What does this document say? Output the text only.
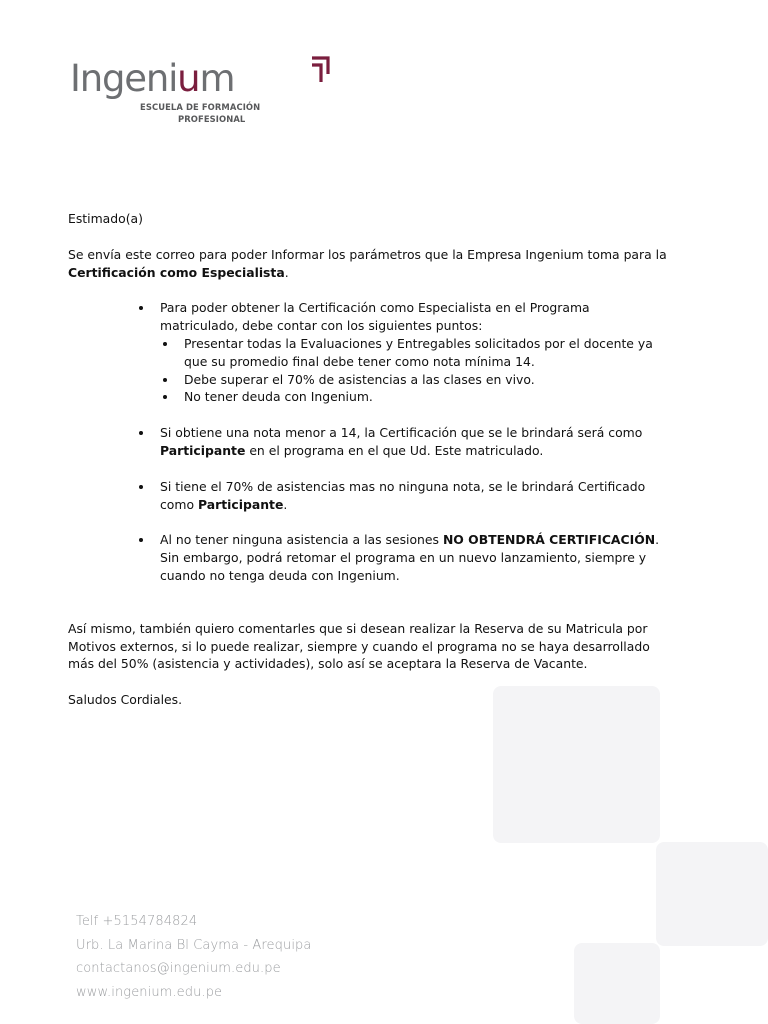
Ingenium
ESCUELA DE FORMACIÓN
PROFESIONAL

Estimado(a)

Se envía este correo para poder Informar los parámetros que la Empresa Ingenium toma para la Certificación como Especialista.

Para poder obtener la Certificación como Especialista en el Programa matriculado, debe contar con los siguientes puntos:
Presentar todas la Evaluaciones y Entregables solicitados por el docente ya que su promedio final debe tener como nota mínima 14.
Debe superar el 70% de asistencias a las clases en vivo.
No tener deuda con Ingenium.
Si obtiene una nota menor a 14, la Certificación que se le brindará será como Participante en el programa en el que Ud. Este matriculado.
Si tiene el 70% de asistencias mas no ninguna nota, se le brindará Certificado como Participante.
Al no tener ninguna asistencia a las sesiones NO OBTENDRÁ CERTIFICACIÓN. Sin embargo, podrá retomar el programa en un nuevo lanzamiento, siempre y cuando no tenga deuda con Ingenium.

Así mismo, también quiero comentarles que si desean realizar la Reserva de su Matricula por Motivos externos, si lo puede realizar, siempre y cuando el programa no se haya desarrollado más del 50% (asistencia y actividades), solo así se aceptara la Reserva de Vacante.

Saludos Cordiales.

Telf +5154784824
Urb. La Marina Bl Cayma - Arequipa
contactanos@ingenium.edu.pe
www.ingenium.edu.pe
